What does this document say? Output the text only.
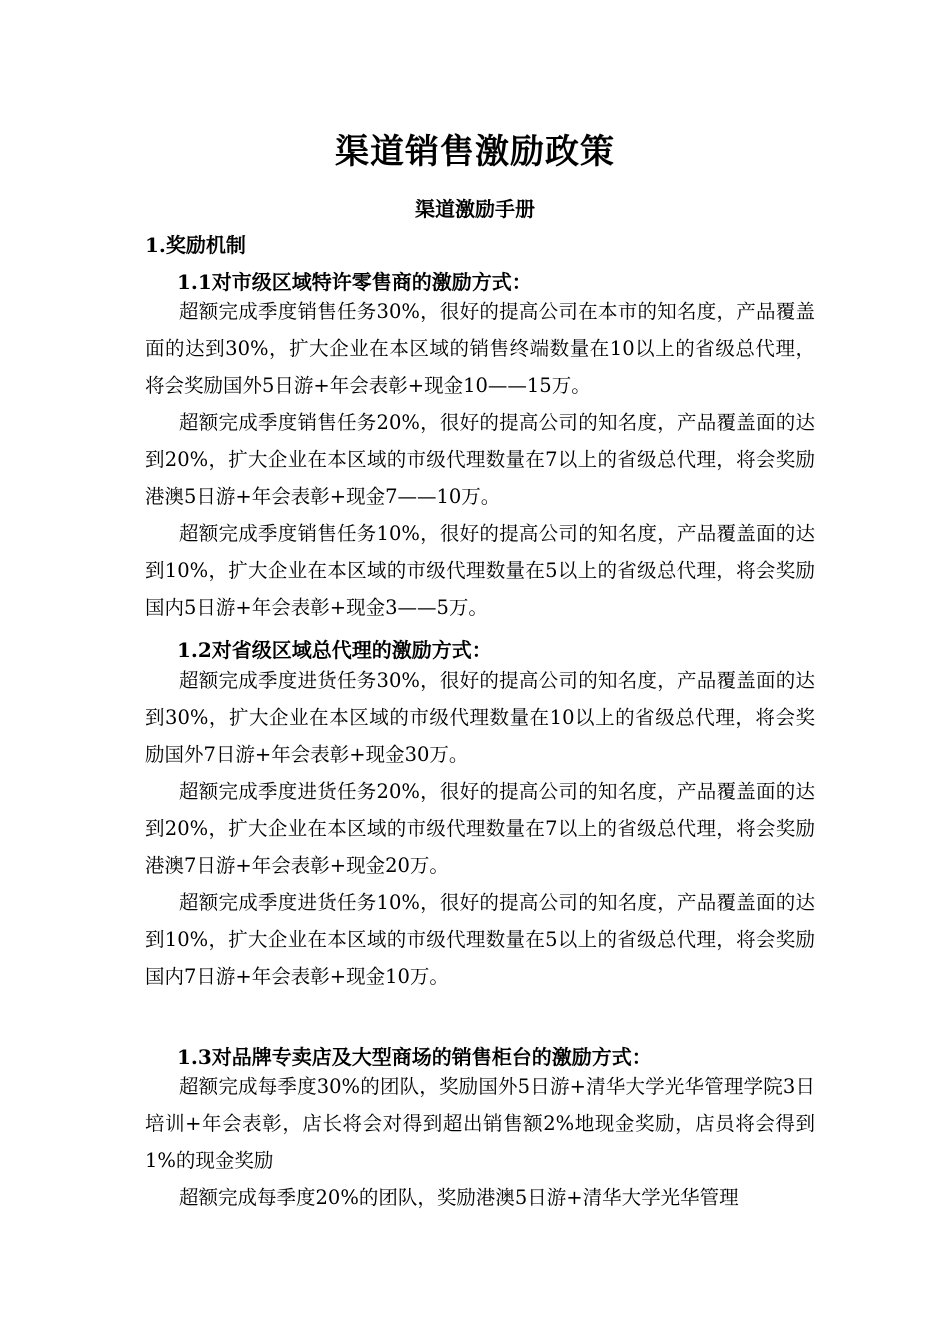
渠道销售激励政策
渠道激励手册
1.奖励机制
1.1对市级区域特许零售商的激励方式：
超额完成季度销售任务30%，很好的提高公司在本市的知名度，产品覆盖面的达到30%，扩大企业在本区域的销售终端数量在10以上的省级总代理，将会奖励国外5日游+年会表彰+现金10——15万。
超额完成季度销售任务20%，很好的提高公司的知名度，产品覆盖面的达到20%，扩大企业在本区域的市级代理数量在7以上的省级总代理，将会奖励港澳5日游+年会表彰+现金7——10万。
超额完成季度销售任务10%，很好的提高公司的知名度，产品覆盖面的达到10%，扩大企业在本区域的市级代理数量在5以上的省级总代理，将会奖励国内5日游+年会表彰+现金3——5万。
1.2对省级区域总代理的激励方式：
超额完成季度进货任务30%，很好的提高公司的知名度，产品覆盖面的达到30%，扩大企业在本区域的市级代理数量在10以上的省级总代理，将会奖励国外7日游+年会表彰+现金30万。
超额完成季度进货任务20%，很好的提高公司的知名度，产品覆盖面的达到20%，扩大企业在本区域的市级代理数量在7以上的省级总代理，将会奖励港澳7日游+年会表彰+现金20万。
超额完成季度进货任务10%，很好的提高公司的知名度，产品覆盖面的达到10%，扩大企业在本区域的市级代理数量在5以上的省级总代理，将会奖励国内7日游+年会表彰+现金10万。
1.3对品牌专卖店及大型商场的销售柜台的激励方式：
超额完成每季度30%的团队，奖励国外5日游+清华大学光华管理学院3日培训+年会表彰，店长将会对得到超出销售额2%地现金奖励，店员将会得到1%的现金奖励
超额完成每季度20%的团队，奖励港澳5日游+清华大学光华管理
